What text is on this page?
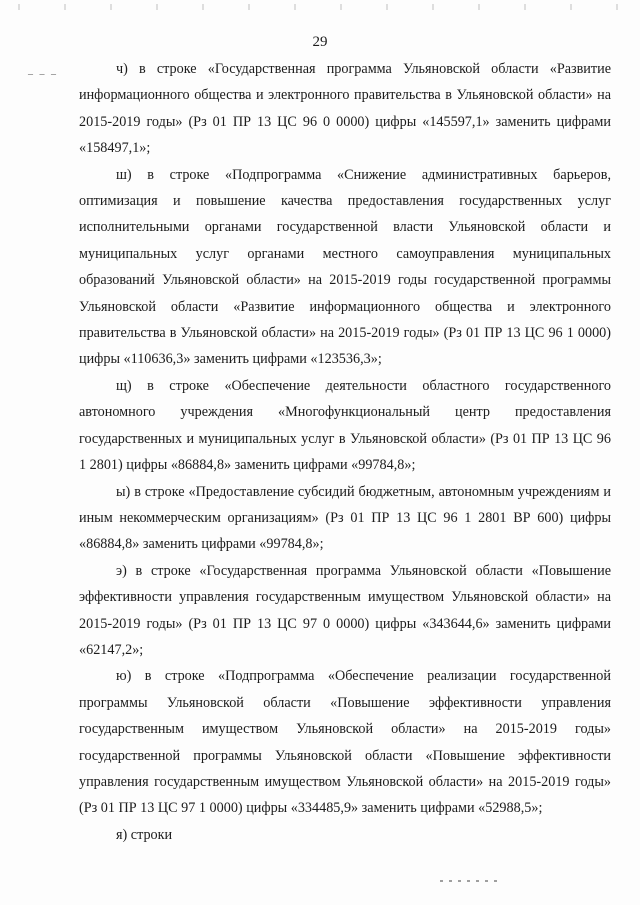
29
– – –	ч) в строке «Государственная программа Ульяновской области «Развитие информационного общества и электронного правительства в Ульяновской области» на 2015-2019 годы» (Рз 01 ПР 13 ЦС 96 0 0000) цифры «145597,1» заменить цифрами «158497,1»;

ш) в строке «Подпрограмма «Снижение административных барьеров, оптимизация и повышение качества предоставления государственных услуг исполнительными органами государственной власти Ульяновской области и муниципальных услуг органами местного самоуправления муниципальных образований Ульяновской области» на 2015-2019 годы государственной программы Ульяновской области «Развитие информационного общества и электронного правительства в Ульяновской области» на 2015-2019 годы» (Рз 01 ПР 13 ЦС 96 1 0000) цифры «110636,3» заменить цифрами «123536,3»;

щ) в строке «Обеспечение деятельности областного государственного автономного учреждения «Многофункциональный центр предоставления государственных и муниципальных услуг в Ульяновской области» (Рз 01 ПР 13 ЦС 96 1 2801) цифры «86884,8» заменить цифрами «99784,8»;

ы) в строке «Предоставление субсидий бюджетным, автономным учреждениям и иным некоммерческим организациям» (Рз 01 ПР 13 ЦС 96 1 2801 ВР 600) цифры «86884,8» заменить цифрами «99784,8»;

э) в строке «Государственная программа Ульяновской области «Повышение эффективности управления государственным имуществом Ульяновской области» на 2015-2019 годы» (Рз 01 ПР 13 ЦС 97 0 0000) цифры «343644,6» заменить цифрами «62147,2»;

ю) в строке «Подпрограмма «Обеспечение реализации государственной программы Ульяновской области «Повышение эффективности управления государственным имуществом Ульяновской области» на 2015-2019 годы» государственной программы Ульяновской области «Повышение эффективности управления государственным имуществом Ульяновской области» на 2015-2019 годы» (Рз 01 ПР 13 ЦС 97 1 0000) цифры «334485,9» заменить цифрами «52988,5»;

я) строки
